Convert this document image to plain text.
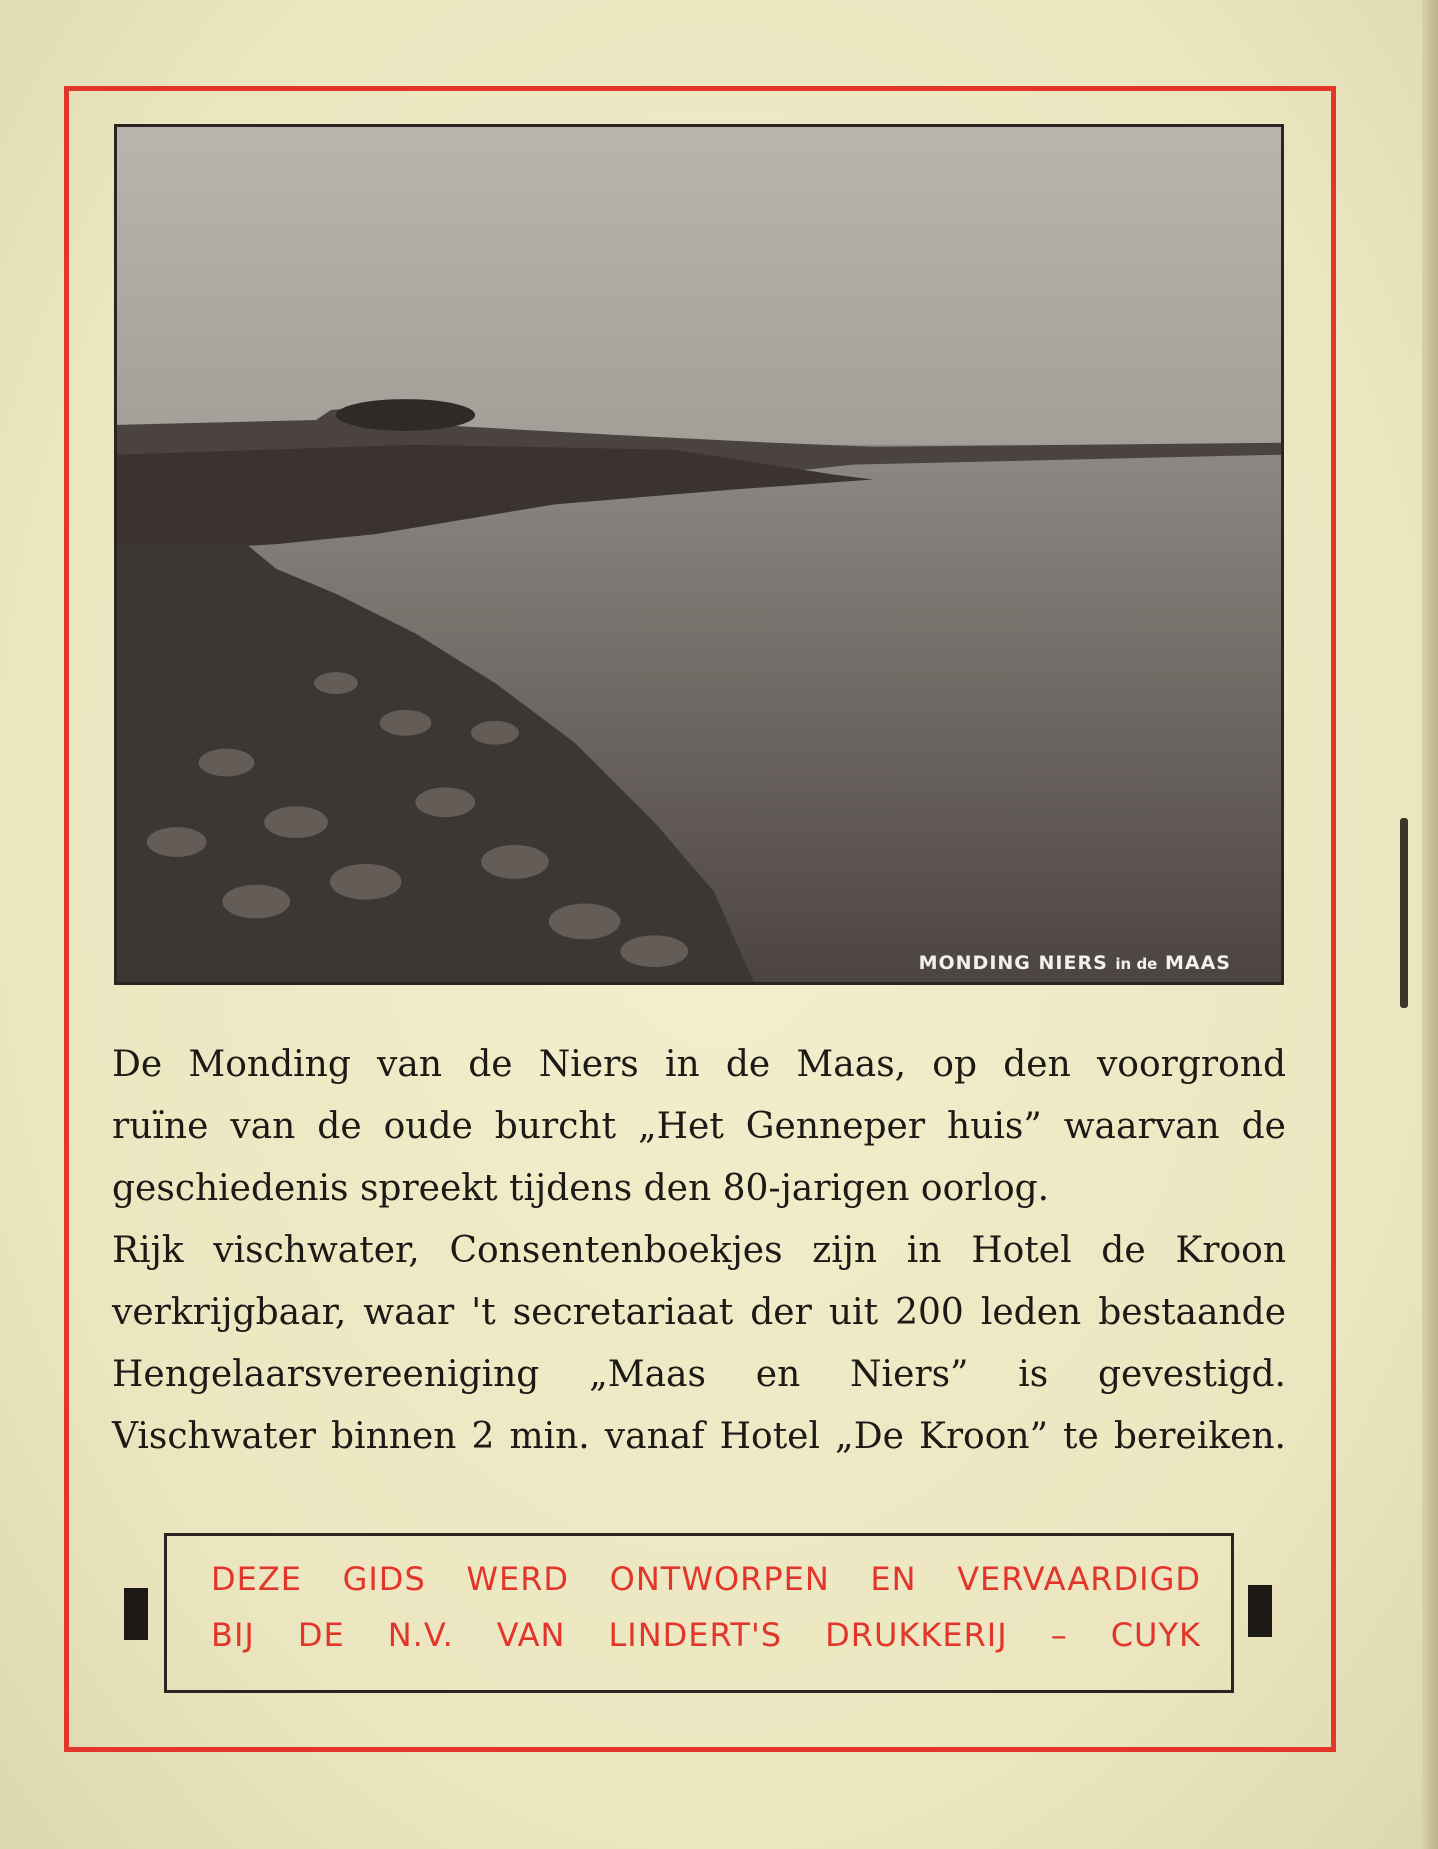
MONDING NIERS in de MAAS
De Monding van de Niers in de Maas, op den voorgrond
ruïne van de oude burcht „Het Genneper huis” waarvan de
geschiedenis spreekt tijdens den 80-jarigen oorlog.
Rijk vischwater, Consentenboekjes zijn in Hotel de Kroon
verkrijgbaar, waar 't secretariaat der uit 200 leden bestaande
Hengelaarsvereeniging „Maas en Niers” is gevestigd.
Vischwater binnen 2 min. vanaf Hotel „De Kroon” te bereiken.
DEZE GIDS WERD ONTWORPEN EN VERVAARDIGD
BIJ DE N.V. VAN LINDERT'S DRUKKERIJ – CUYK
